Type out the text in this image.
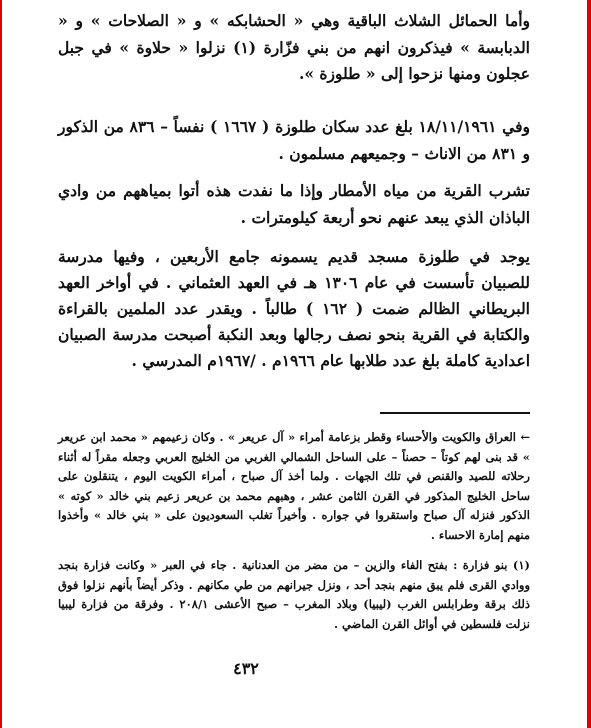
وأما الحمائل الشلاث الباقية وهي « الحشابكه » و « الصلاحات » و « الدبابسة » فيذكرون انهم من بني فزّارة (١) نزلوا « حلاوة » في جبل عجلون ومنها نزحوا إلى « طلوزة ».

وفي ١٨/١١/١٩٦١ بلغ عدد سكان طلوزة ( ١٦٦٧ ) نفساً – ٨٣٦ من الذكور و ٨٣١ من الاناث – وجميعهم مسلمون .

تشرب القرية من مياه الأمطار وإذا ما نفدت هذه أتوا بمياههم من وادي الباذان الذي يبعد عنهم نحو أربعة كيلومترات .

يوجد في طلوزة مسجد قديم يسمونه جامع الأربعين ، وفيها مدرسة للصبيان تأسست في عام ١٣٠٦ هـ في العهد العثماني . في أواخر العهد البريطاني الظالم ضمت ( ١٦٢ ) طالباً . ويقدر عدد الملمين بالقراءة والكتابة في القرية بنحو نصف رجالها وبعد النكبة أصبحت مدرسة الصبيان اعدادية كاملة بلغ عدد طلابها عام ١٩٦٦م . /١٩٦٧م المدرسي .

← العراق والكويت والأحساء وقطر بزعامة أمراء « آل عريعر » . وكان زعيمهم « محمد ابن عريعر » قد بنى لهم كوتاً – حصناً – على الساحل الشمالي الغربي من الخليج العربي وجعله مقراً له أثناء رحلاته للصيد والقنص في تلك الجهات . ولما أخذ آل صباح ، أمراء الكويت اليوم ، يتنقلون على ساحل الخليج المذكور في القرن الثامن عشر ، وهبهم محمد بن عريعر زعيم بني خالد « كوته » الذكور فنزله آل صباح واستقروا في جواره . وأخيراً تغلب السعوديون على « بني خالد » وأخذوا منهم إمارة الاحساء .

(١) بنو فزارة : بفتح الفاء والزين – من مضر من العدنانية . جاء في العبر « وكانت فزارة بنجد ووادي القرى فلم يبق منهم بنجد أحد ، ونزل جيرانهم من طي مكانهم . وذكر أيضاً بأنهم نزلوا فوق ذلك برقة وطرابلس الغرب (ليبيا) وبلاد المغرب – صبح الأعشى ٢٠٨/١ . وفرقة من فزارة ليبيا نزلت فلسطين في أوائل القرن الماضي .

٤٣٢
